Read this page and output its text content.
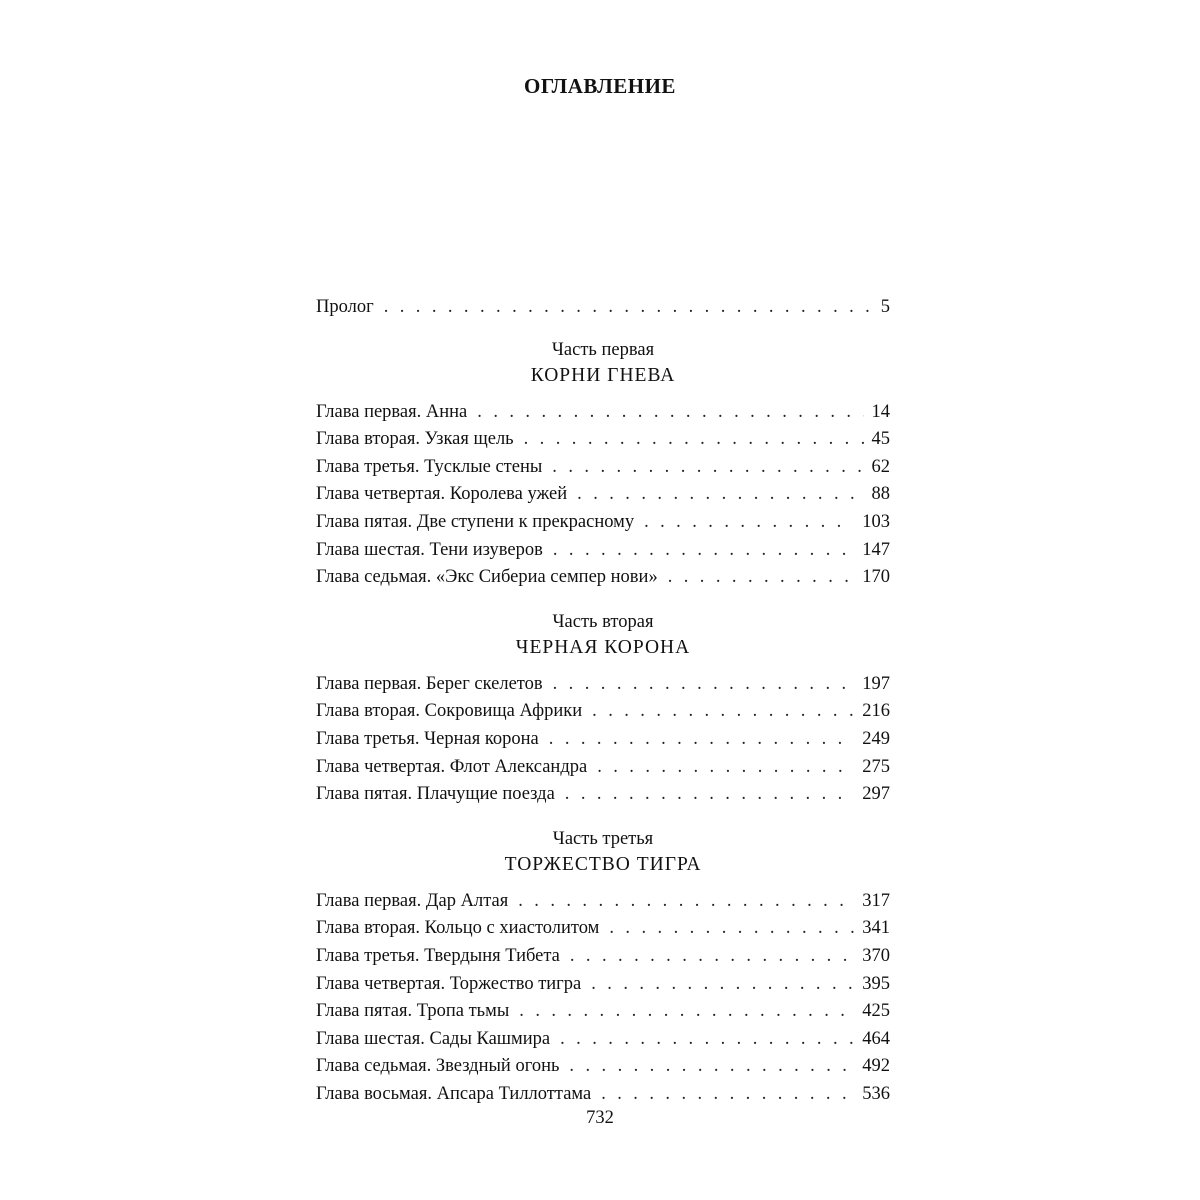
ОГЛАВЛЕНИЕ
Пролог . . .	5
Часть первая
КОРНИ ГНЕВА
Глава первая. Анна . . .	14
Глава вторая. Узкая щель . . .	45
Глава третья. Тусклые стены . . .	62
Глава четвертая. Королева ужей . . .	88
Глава пятая. Две ступени к прекрасному . . .	103
Глава шестая. Тени изуверов . . .	147
Глава седьмая. «Экс Сибериа семпер нови» . . .	170
Часть вторая
ЧЕРНАЯ КОРОНА
Глава первая. Берег скелетов . . .	197
Глава вторая. Сокровища Африки . . .	216
Глава третья. Черная корона . . .	249
Глава четвертая. Флот Александра . . .	275
Глава пятая. Плачущие поезда . . .	297
Часть третья
ТОРЖЕСТВО ТИГРА
Глава первая. Дар Алтая . . .	317
Глава вторая. Кольцо с хиастолитом . . .	341
Глава третья. Твердыня Тибета . . .	370
Глава четвертая. Торжество тигра . . .	395
Глава пятая. Тропа тьмы . . .	425
Глава шестая. Сады Кашмира . . .	464
Глава седьмая. Звездный огонь . . .	492
Глава восьмая. Апсара Тиллоттама . . .	536
732
